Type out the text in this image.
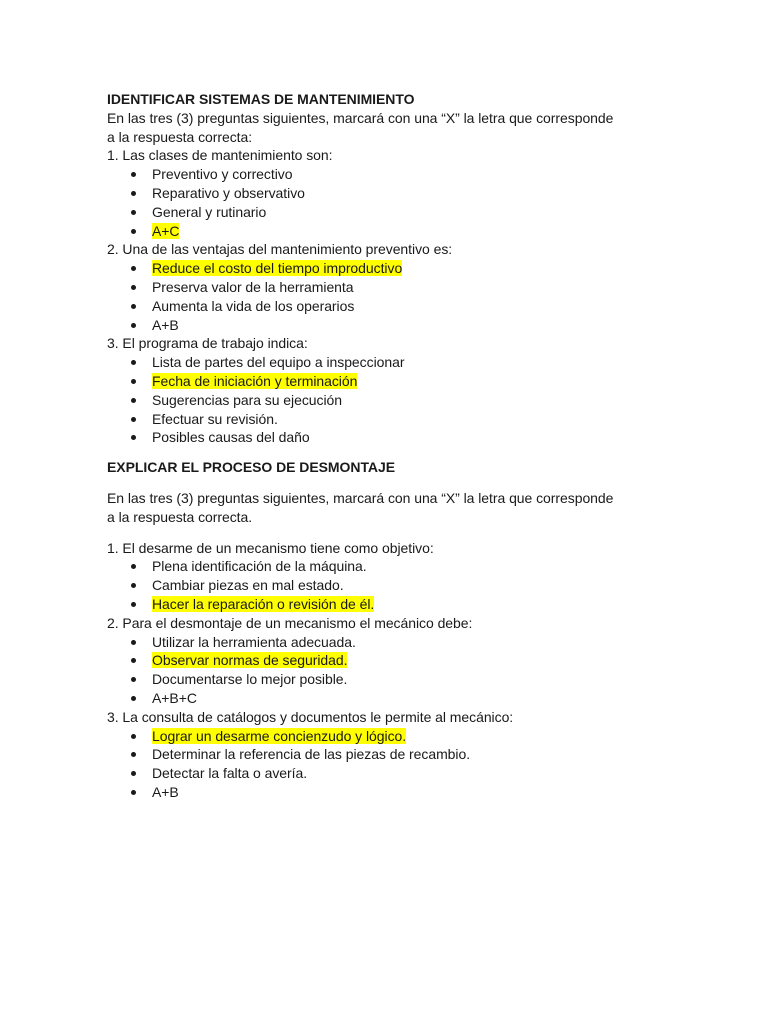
IDENTIFICAR SISTEMAS DE MANTENIMIENTO

En las tres (3) preguntas siguientes, marcará con una “X” la letra que corresponde

a la respuesta correcta:

1. Las clases de mantenimiento son:

Preventivo y correctivo
Reparativo y observativo
General y rutinario
A+C

2. Una de las ventajas del mantenimiento preventivo es:

Reduce el costo del tiempo improductivo
Preserva valor de la herramienta
Aumenta la vida de los operarios
A+B

3. El programa de trabajo indica:

Lista de partes del equipo a inspeccionar
Fecha de iniciación y terminación
Sugerencias para su ejecución
Efectuar su revisión.
Posibles causas del daño

EXPLICAR EL PROCESO DE DESMONTAJE

En las tres (3) preguntas siguientes, marcará con una “X” la letra que corresponde

a la respuesta correcta.

1. El desarme de un mecanismo tiene como objetivo:

Plena identificación de la máquina.
Cambiar piezas en mal estado.
Hacer la reparación o revisión de él.

2. Para el desmontaje de un mecanismo el mecánico debe:

Utilizar la herramienta adecuada.
Observar normas de seguridad.
Documentarse lo mejor posible.
A+B+C

3. La consulta de catálogos y documentos le permite al mecánico:

Lograr un desarme concienzudo y lógico.
Determinar la referencia de las piezas de recambio.
Detectar la falta o avería.
A+B
